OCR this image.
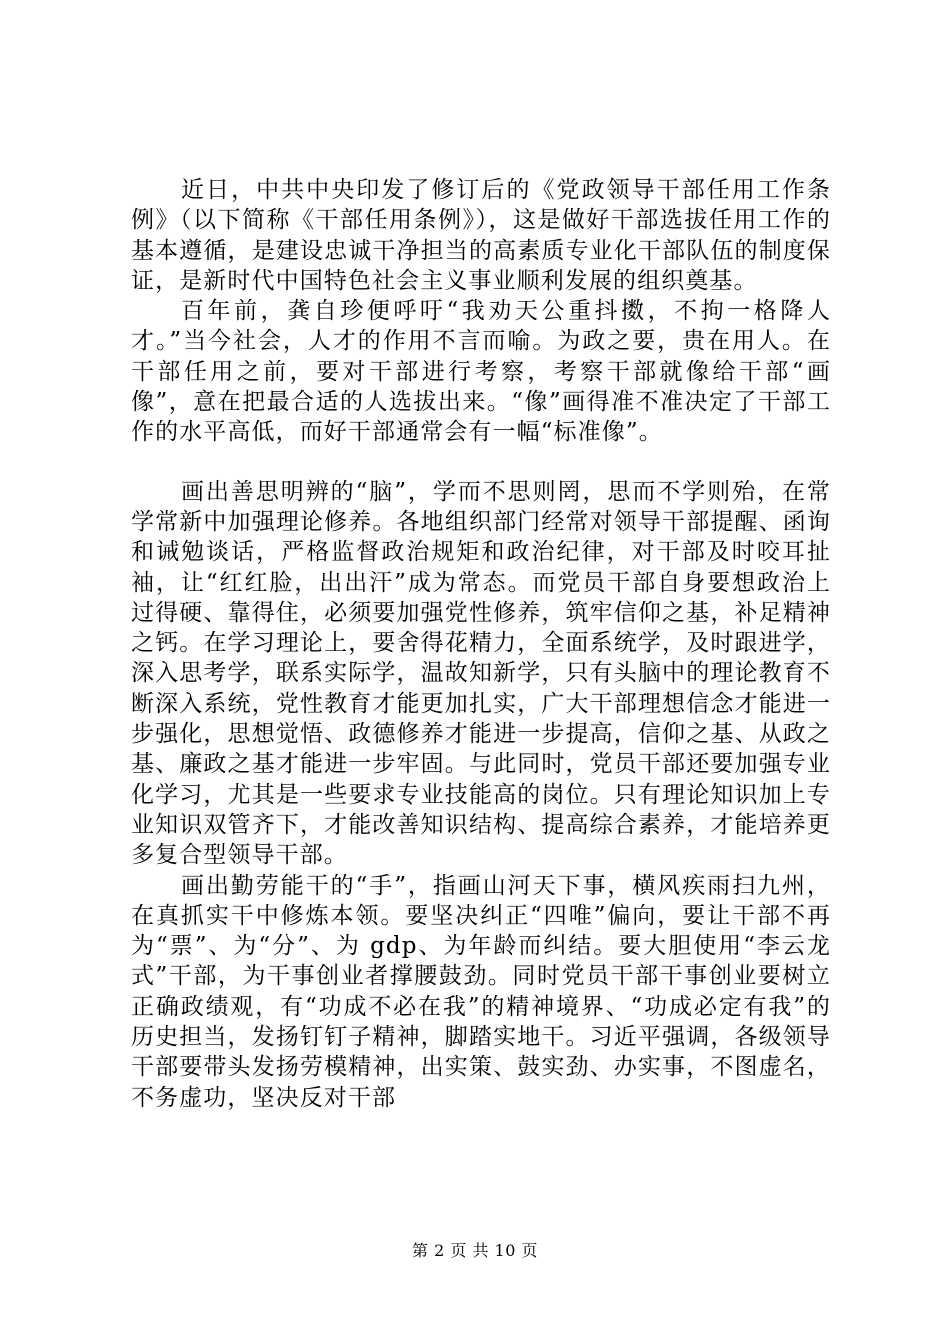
近日，中共中央印发了修订后的《党政领导干部任用工作条例》（以下简称《干部任用条例》），这是做好干部选拔任用工作的基本遵循，是建设忠诚干净担当的高素质专业化干部队伍的制度保证，是新时代中国特色社会主义事业顺利发展的组织奠基。

百年前，龚自珍便呼吁“我劝天公重抖擞，不拘一格降人才。”当今社会，人才的作用不言而喻。为政之要，贵在用人。在干部任用之前，要对干部进行考察，考察干部就像给干部“画像”，意在把最合适的人选拔出来。“像”画得准不准决定了干部工作的水平高低，而好干部通常会有一幅“标准像”。

画出善思明辨的“脑”，学而不思则罔，思而不学则殆，在常学常新中加强理论修养。各地组织部门经常对领导干部提醒、函询和诫勉谈话，严格监督政治规矩和政治纪律，对干部及时咬耳扯袖，让“红红脸，出出汗”成为常态。而党员干部自身要想政治上过得硬、靠得住，必须要加强党性修养，筑牢信仰之基，补足精神之钙。在学习理论上，要舍得花精力，全面系统学，及时跟进学，深入思考学，联系实际学，温故知新学，只有头脑中的理论教育不断深入系统，党性教育才能更加扎实，广大干部理想信念才能进一步强化，思想觉悟、政德修养才能进一步提高，信仰之基、从政之基、廉政之基才能进一步牢固。与此同时，党员干部还要加强专业化学习，尤其是一些要求专业技能高的岗位。只有理论知识加上专业知识双管齐下，才能改善知识结构、提高综合素养，才能培养更多复合型领导干部。

画出勤劳能干的“手”，指画山河天下事，横风疾雨扫九州，在真抓实干中修炼本领。要坚决纠正“四唯”偏向，要让干部不再为“票”、为“分”、为 gdp、为年龄而纠结。要大胆使用“李云龙式”干部，为干事创业者撑腰鼓劲。同时党员干部干事创业要树立正确政绩观，有“功成不必在我”的精神境界、“功成必定有我”的历史担当，发扬钉钉子精神，脚踏实地干。习近平强调，各级领导干部要带头发扬劳模精神，出实策、鼓实劲、办实事，不图虚名，不务虚功，坚决反对干部

第 2 页 共 10 页
